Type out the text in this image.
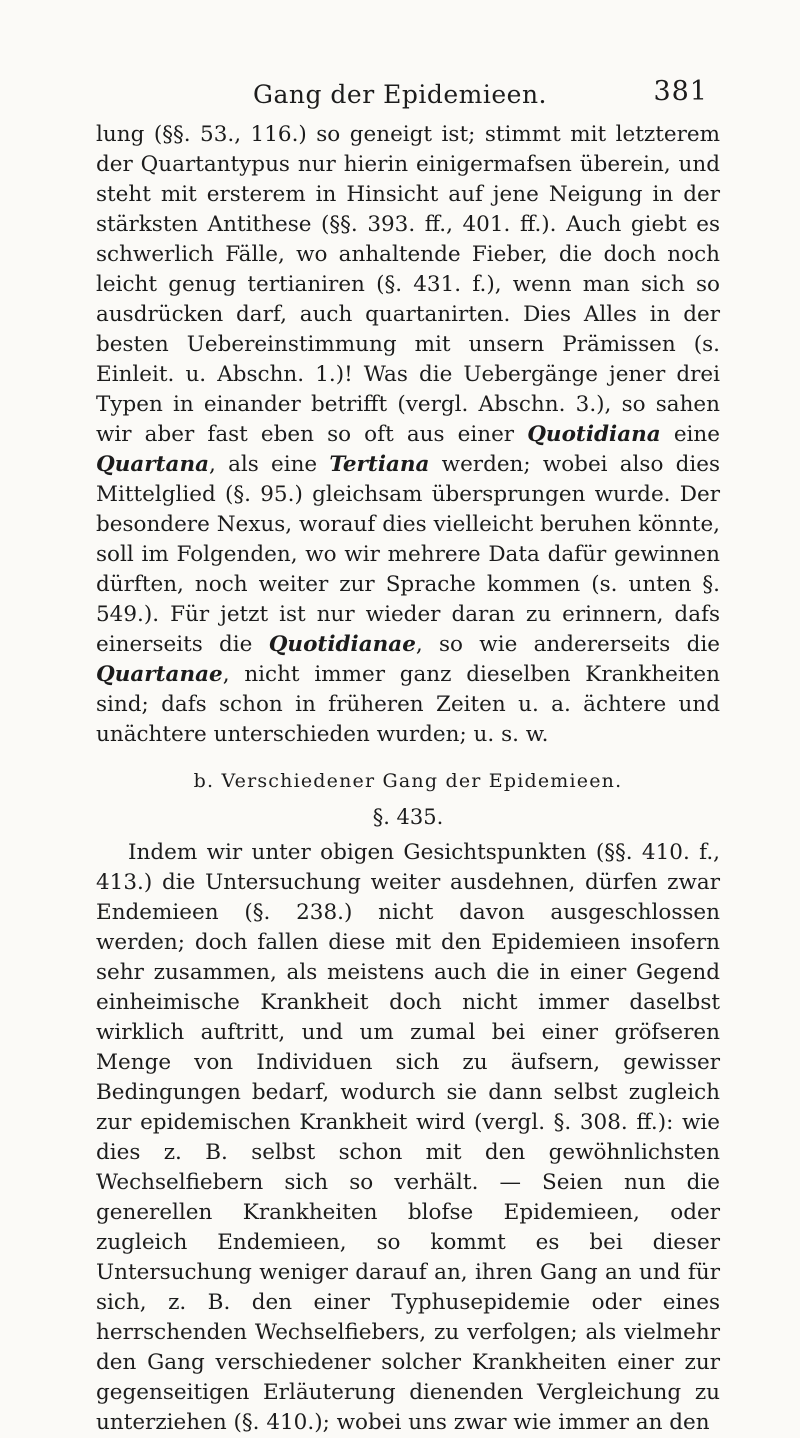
Gang der Epidemieen.	381

lung (§§. 53., 116.) so geneigt ist; stimmt mit letzterem der Quartantypus nur hierin einigermafsen überein, und steht mit ersterem in Hinsicht auf jene Neigung in der stärksten Antithese (§§. 393. ff., 401. ff.). Auch giebt es schwerlich Fälle, wo anhaltende Fieber, die doch noch leicht genug tertianiren (§. 431. f.), wenn man sich so ausdrücken darf, auch quartanirten. Dies Alles in der besten Uebereinstimmung mit unsern Prämissen (s. Einleit. u. Abschn. 1.)! Was die Uebergänge jener drei Typen in einander betrifft (vergl. Abschn. 3.), so sahen wir aber fast eben so oft aus einer Quotidiana eine Quartana, als eine Tertiana werden; wobei also dies Mittelglied (§. 95.) gleichsam übersprungen wurde. Der besondere Nexus, worauf dies vielleicht beruhen könnte, soll im Folgenden, wo wir mehrere Data dafür gewinnen dürften, noch weiter zur Sprache kommen (s. unten §. 549.). Für jetzt ist nur wieder daran zu erinnern, dafs einerseits die Quotidianae, so wie andererseits die Quartanae, nicht immer ganz dieselben Krankheiten sind; dafs schon in früheren Zeiten u. a. ächtere und unächtere unterschieden wurden; u. s. w.

b. Verschiedener Gang der Epidemieen.

§. 435.

Indem wir unter obigen Gesichtspunkten (§§. 410. f., 413.) die Untersuchung weiter ausdehnen, dürfen zwar Endemieen (§. 238.) nicht davon ausgeschlossen werden; doch fallen diese mit den Epidemieen insofern sehr zusammen, als meistens auch die in einer Gegend einheimische Krankheit doch nicht immer daselbst wirklich auftritt, und um zumal bei einer gröfseren Menge von Individuen sich zu äufsern, gewisser Bedingungen bedarf, wodurch sie dann selbst zugleich zur epidemischen Krankheit wird (vergl. §. 308. ff.): wie dies z. B. selbst schon mit den gewöhnlichsten Wechselfiebern sich so verhält. — Seien nun die generellen Krankheiten blofse Epidemieen, oder zugleich Endemieen, so kommt es bei dieser Untersuchung weniger darauf an, ihren Gang an und für sich, z. B. den einer Typhusepidemie oder eines herrschenden Wechselfiebers, zu verfolgen; als vielmehr den Gang verschiedener solcher Krankheiten einer zur gegenseitigen Erläuterung dienenden Vergleichung zu unterziehen (§. 410.); wobei uns zwar wie immer an den
